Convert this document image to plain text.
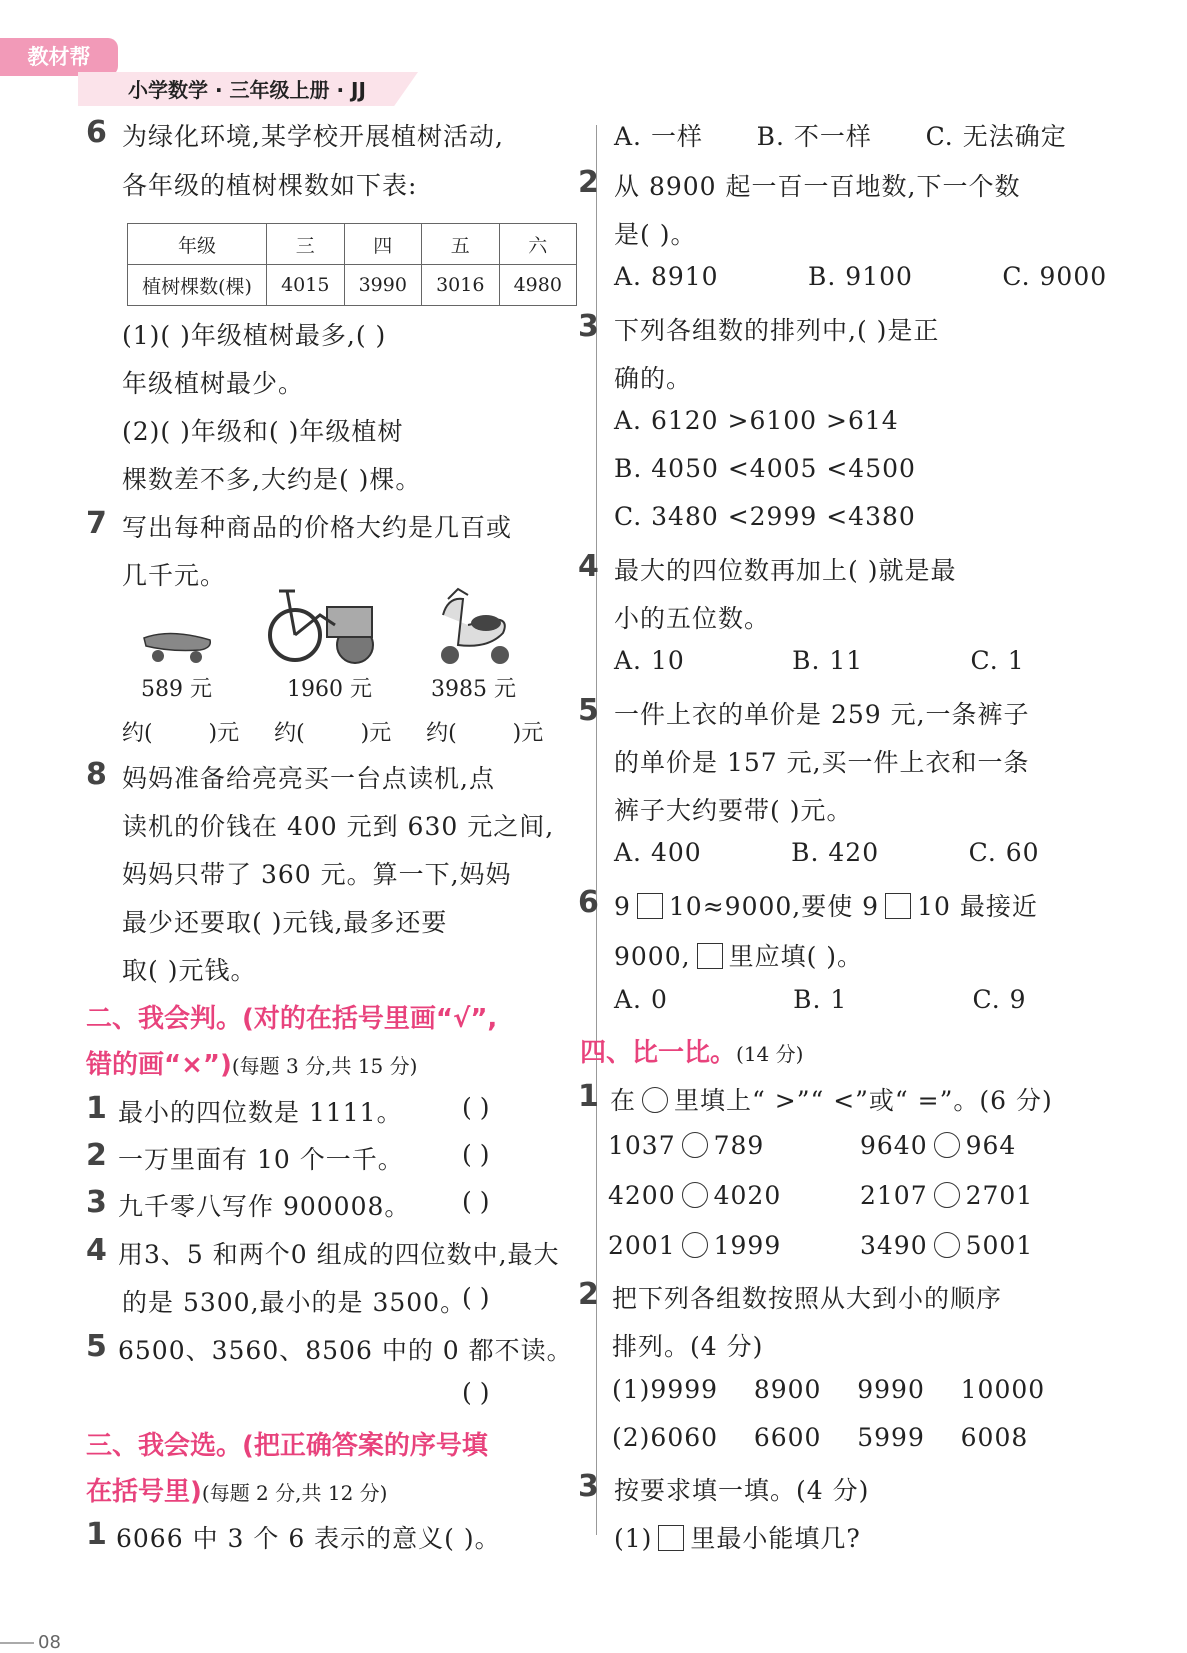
教材帮
小学数学 · 三年级上册 · JJ
6 为绿化环境,某学校开展植树活动,
各年级的植树棵数如下表:
年级	三	四	五	六
植树棵数(棵)	4015	3990	3016	4980
(1)( )年级植树最多,( )
年级植树最少。
(2)( )年级和( )年级植树
棵数差不多,大约是( )棵。
7 写出每种商品的价格大约是几百或
几千元。
589 元	1960 元	3985 元
约(        )元     约(        )元     约(        )元
8 妈妈准备给亮亮买一台点读机,点
读机的价钱在 400 元到 630 元之间,
妈妈只带了 360 元。算一下,妈妈
最少还要取( )元钱,最多还要
取( )元钱。
二、我会判。(对的在括号里画“√”,
错的画“×”)(每题 3 分,共 15 分)
1 最小的四位数是 1111。 ( )
2 一万里面有 10 个一千。 ( )
3 九千零八写作 900008。 ( )
4 用3、5 和两个0 组成的四位数中,最大
的是 5300,最小的是 3500。
( )
5 6500、3560、8506 中的 0 都不读。
( )
三、我会选。(把正确答案的序号填
在括号里)(每题 2 分,共 12 分)
1 6066 中 3 个 6 表示的意义( )。
A. 一样      B. 不一样      C. 无法确定
2 从 8900 起一百一百地数,下一个数
是( )。
A. 8910          B. 9100          C. 9000
3 下列各组数的排列中,( )是正
确的。
A. 6120 >6100 >614
B. 4050 <4005 <4500
C. 3480 <2999 <4380
4 最大的四位数再加上( )就是最
小的五位数。
A. 10            B. 11            C. 1
5 一件上衣的单价是 259 元,一条裤子
的单价是 157 元,买一件上衣和一条
裤子大约要带( )元。
A. 400          B. 420          C. 60
6 9 10≈9000,要使 9 10 最接近
9000, 里应填( )。
A. 0              B. 1              C. 9
四、比一比。(14 分)
1 在 里填上“ >”“ <”或“ =”。(6 分)
1037 789	9640 964
4200 4020	2107 2701
2001 1999	3490 5001
2 把下列各组数按照从大到小的顺序
排列。(4 分)
(1)9999    8900    9990    10000
(2)6060    6600    5999    6008
3 按要求填一填。(4 分)
(1) 里最小能填几?
08
